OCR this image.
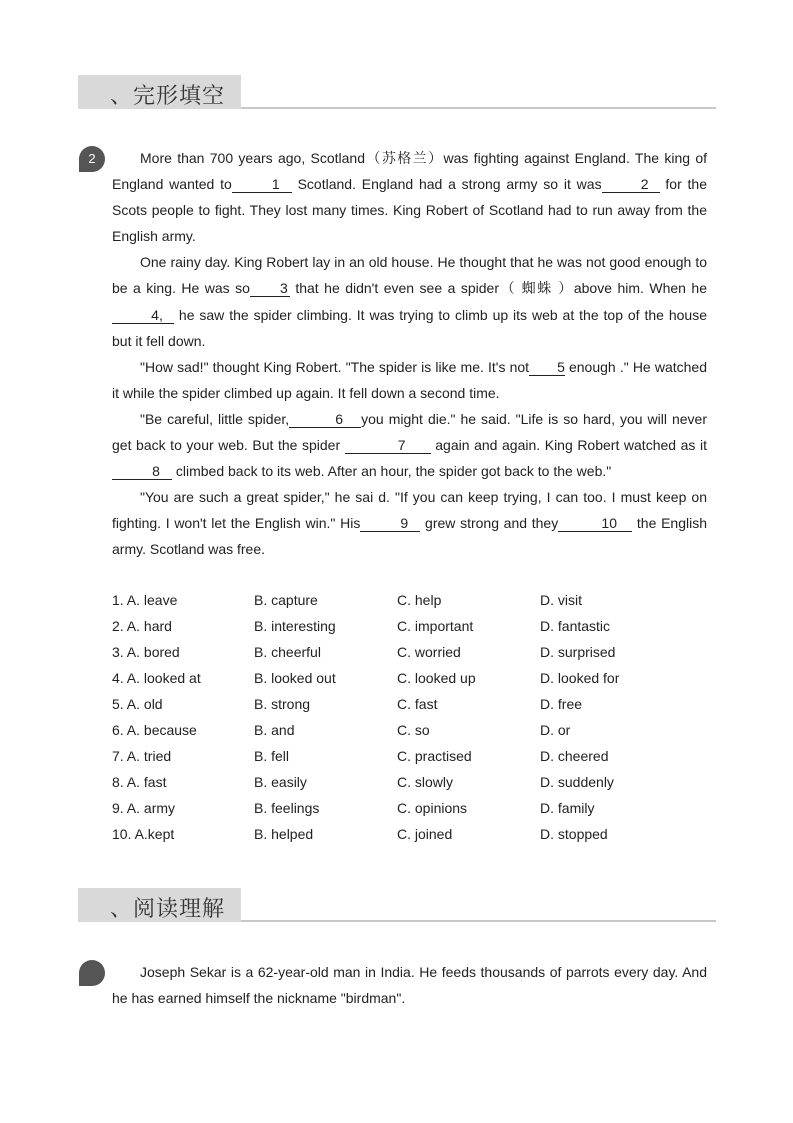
、完形填空
2	More than 700 years ago, Scotland（苏格兰）was fighting against England. The king of England wanted to	1 Scotland. England had a strong army so it was	2 for the Scots people to fight. They lost many times. King Robert of Scotland had to run away from the English army.

One rainy day. King Robert lay in an old house. He thought that he was not good enough to be a king. He was so 3 that he didn't even see a spider（ 蜘蛛 ）above him. When he4, he saw the spider climbing. It was trying to climb up its web at the top of the house but it fell down.

"How sad!" thought King Robert. "The spider is like me. It's not 5 enough ." He watched it while the spider climbed up again. It fell down a second time.

"Be careful, little spider,	6 you might die." he said. "Life is so hard, you will never get back to your web. But the spider	7 again and again. King Robert watched as it 8 climbed back to its web. After an hour, the spider got back to the web."

"You are such a great spider," he sai d. "If you can keep trying, I can too. I must keep on fighting. I won't let the English win." His	9 grew strong and they	10 the English army. Scotland was free.

1. A. leave	B. capture	C. help	D. visit
2. A. hard	B. interesting	C. important	D. fantastic
3. A. bored	B. cheerful	C. worried	D. surprised
4. A. looked at	B. looked out	C. looked up	D. looked for
5. A. old	B. strong	C. fast	D. free
6. A. because	B. and	C. so	D. or
7. A. tried	B. fell	C. practised	D. cheered
8. A. fast	B. easily	C. slowly	D. suddenly
9. A. army	B. feelings	C. opinions	D. family
10. A.kept	B. helped	C. joined	D. stopped
、阅读理解

Joseph Sekar is a 62-year-old man in India. He feeds thousands of parrots every day. And he has earned himself the nickname "birdman".
